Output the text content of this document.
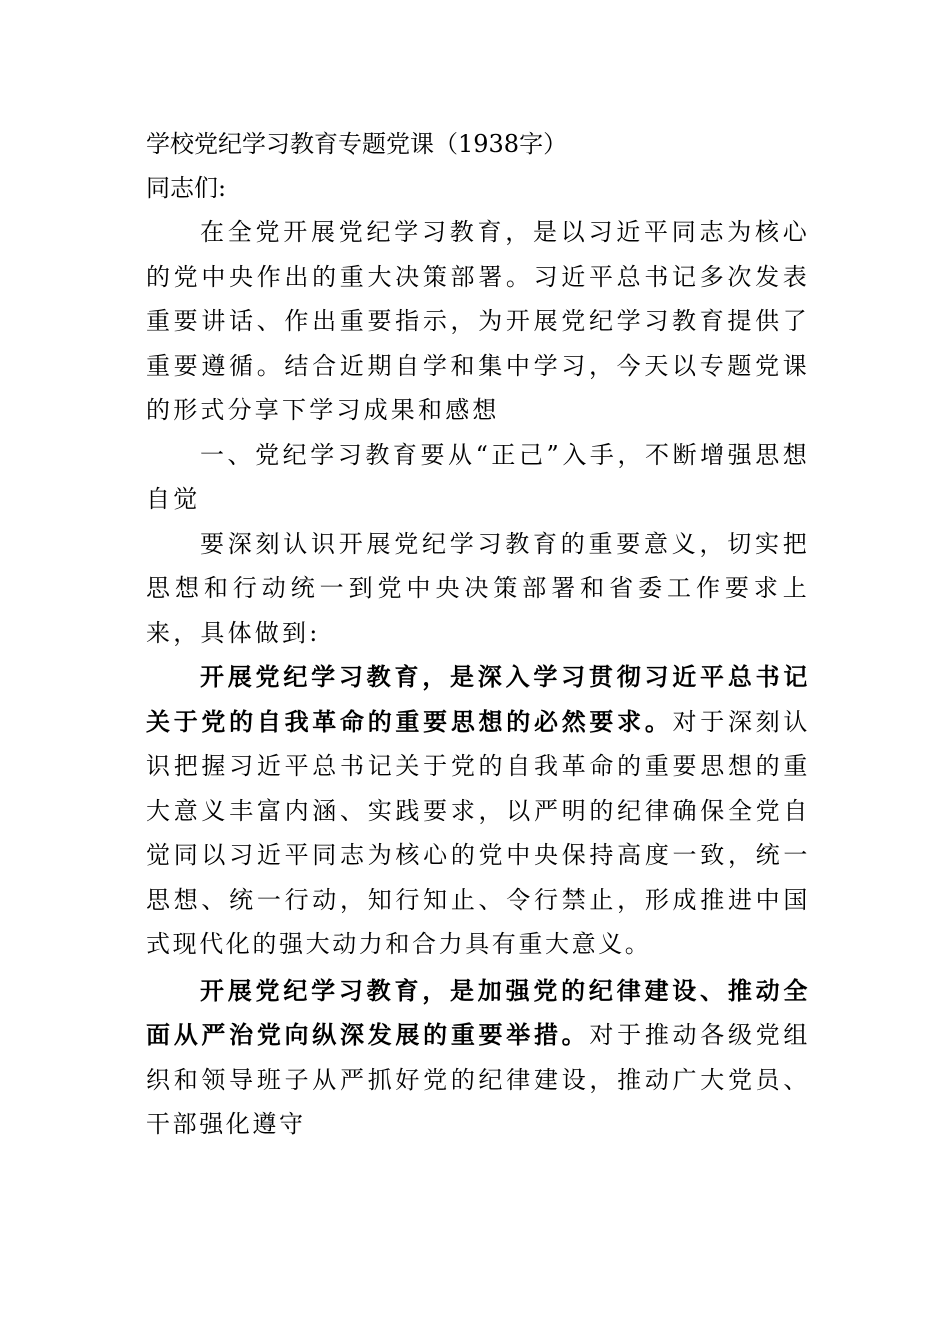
学校党纪学习教育专题党课（1938字）

同志们:

在全党开展党纪学习教育，是以习近平同志为核心的党中央作出的重大决策部署。习近平总书记多次发表重要讲话、作出重要指示，为开展党纪学习教育提供了重要遵循。结合近期自学和集中学习，今天以专题党课的形式分享下学习成果和感想

一、党纪学习教育要从“正己”入手，不断增强思想自觉

要深刻认识开展党纪学习教育的重要意义，切实把思想和行动统一到党中央决策部署和省委工作要求上来，具体做到:

开展党纪学习教育，是深入学习贯彻习近平总书记关于党的自我革命的重要思想的必然要求。对于深刻认识把握习近平总书记关于党的自我革命的重要思想的重大意义丰富内涵、实践要求，以严明的纪律确保全党自觉同以习近平同志为核心的党中央保持高度一致，统一思想、统一行动，知行知止、令行禁止，形成推进中国式现代化的强大动力和合力具有重大意义。

开展党纪学习教育，是加强党的纪律建设、推动全面从严治党向纵深发展的重要举措。对于推动各级党组织和领导班子从严抓好党的纪律建设，推动广大党员、干部强化遵守
